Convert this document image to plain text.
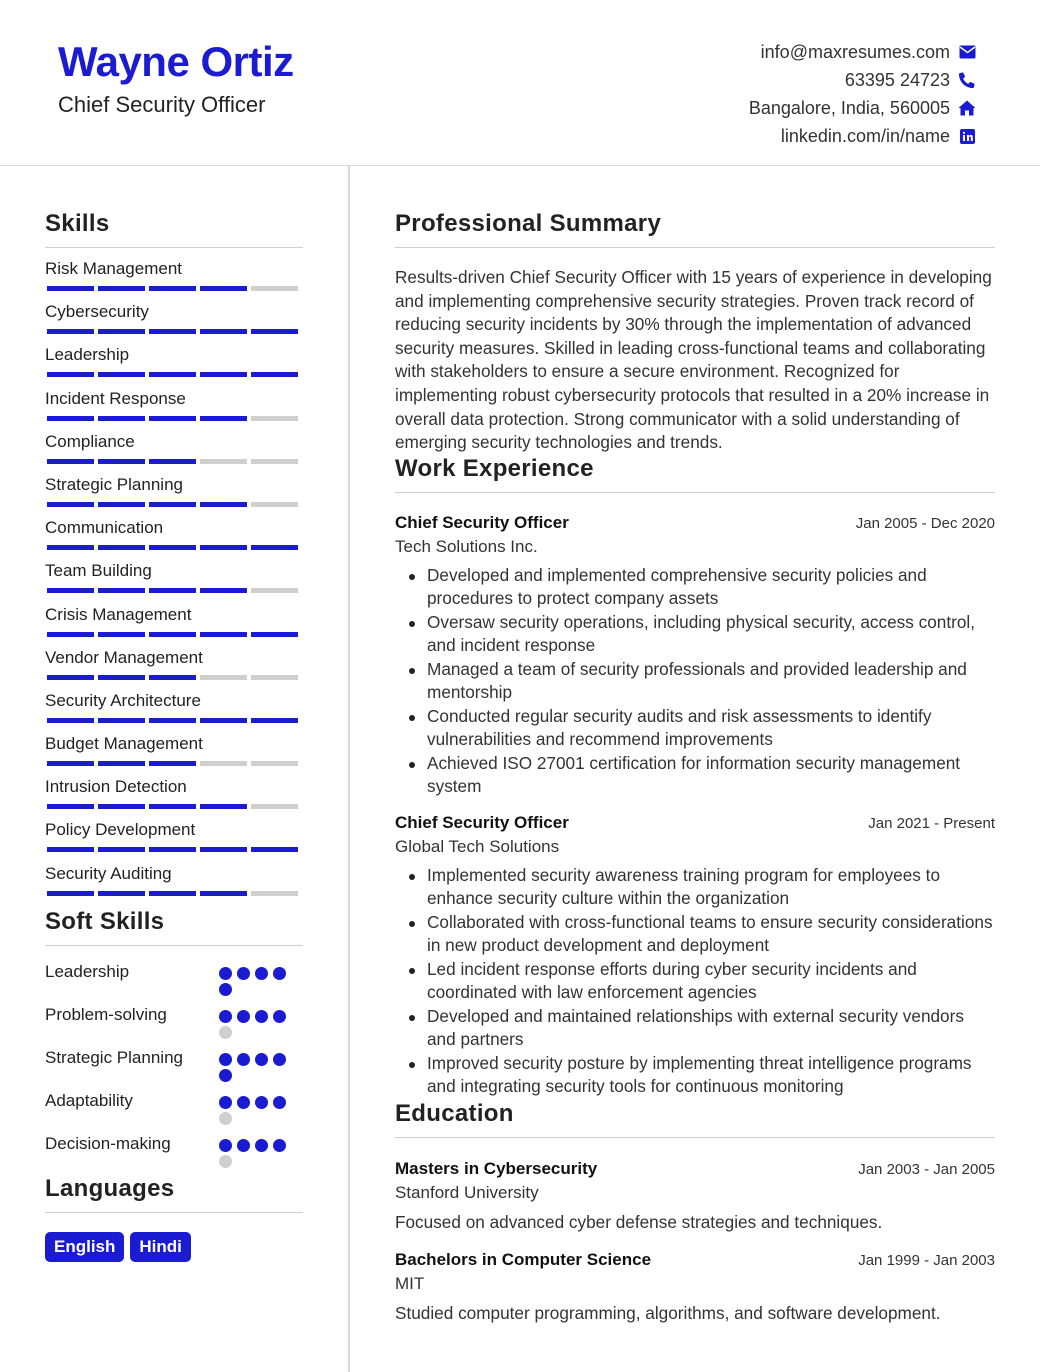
Wayne Ortiz
Chief Security Officer
info@maxresumes.com
63395 24723
Bangalore, India, 560005
linkedin.com/in/name
Skills
Risk Management
Cybersecurity
Leadership
Incident Response
Compliance
Strategic Planning
Communication
Team Building
Crisis Management
Vendor Management
Security Architecture
Budget Management
Intrusion Detection
Policy Development
Security Auditing
Soft Skills
Leadership
Problem-solving
Strategic Planning
Adaptability
Decision-making
Languages
English	Hindi
Professional Summary

Results-driven Chief Security Officer with 15 years of experience in developing and implementing comprehensive security strategies. Proven track record of reducing security incidents by 30% through the implementation of advanced security measures. Skilled in leading cross-functional teams and collaborating with stakeholders to ensure a secure environment. Recognized for implementing robust cybersecurity protocols that resulted in a 20% increase in overall data protection. Strong communicator with a solid understanding of emerging security technologies and trends.

Work Experience
Chief Security Officer	Jan 2005 - Dec 2020
Tech Solutions Inc.
Developed and implemented comprehensive security policies and procedures to protect company assets
Oversaw security operations, including physical security, access control, and incident response
Managed a team of security professionals and provided leadership and mentorship
Conducted regular security audits and risk assessments to identify vulnerabilities and recommend improvements
Achieved ISO 27001 certification for information security management system
Chief Security Officer	Jan 2021 - Present
Global Tech Solutions
Implemented security awareness training program for employees to enhance security culture within the organization
Collaborated with cross-functional teams to ensure security considerations in new product development and deployment
Led incident response efforts during cyber security incidents and coordinated with law enforcement agencies
Developed and maintained relationships with external security vendors and partners
Improved security posture by implementing threat intelligence programs and integrating security tools for continuous monitoring
Education
Masters in Cybersecurity	Jan 2003 - Jan 2005
Stanford University
Focused on advanced cyber defense strategies and techniques.
Bachelors in Computer Science	Jan 1999 - Jan 2003
MIT
Studied computer programming, algorithms, and software development.
